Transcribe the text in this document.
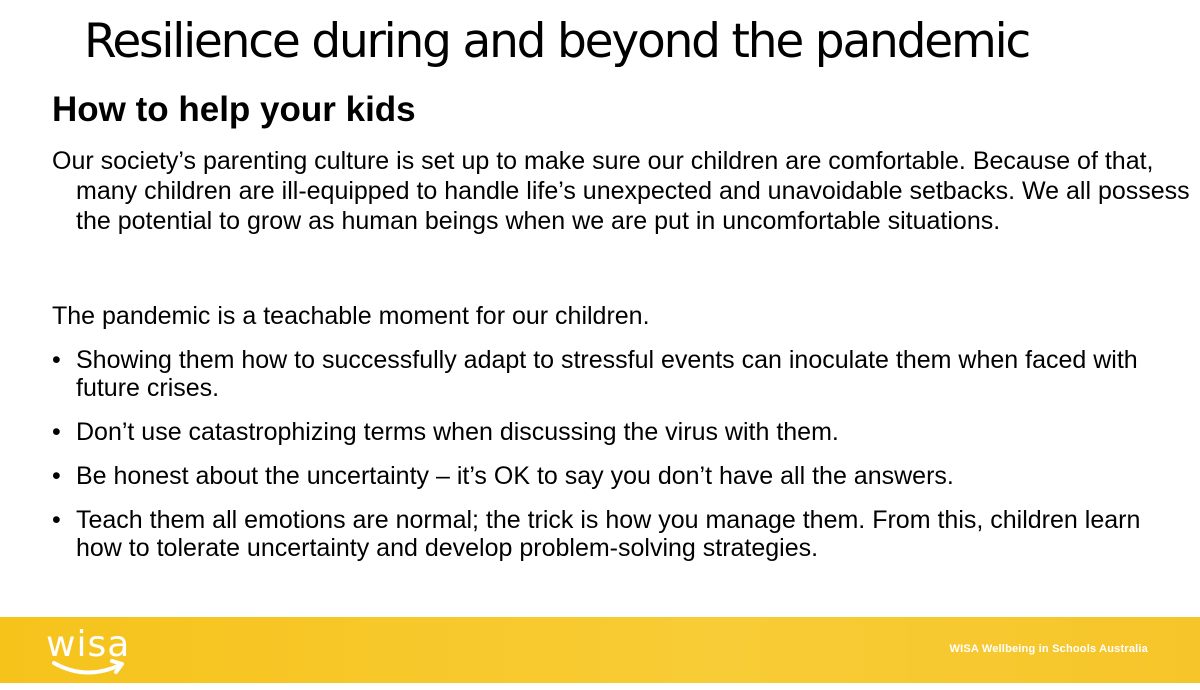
Resilience during and beyond the pandemic
How to help your kids

Our society’s parenting culture is set up to make sure our children are comfortable. Because of that, many children are ill-equipped to handle life’s unexpected and unavoidable setbacks. We all possess the potential to grow as human beings when we are put in uncomfortable situations.

The pandemic is a teachable moment for our children.

• Showing them how to successfully adapt to stressful events can inoculate them when faced with future crises.
• Don’t use catastrophizing terms when discussing the virus with them.
• Be honest about the uncertainty – it’s OK to say you don’t have all the answers.
• Teach them all emotions are normal; the trick is how you manage them. From this, children learn how to tolerate uncertainty and develop problem-solving strategies.
wisa	WISA Wellbeing in Schools Australia
